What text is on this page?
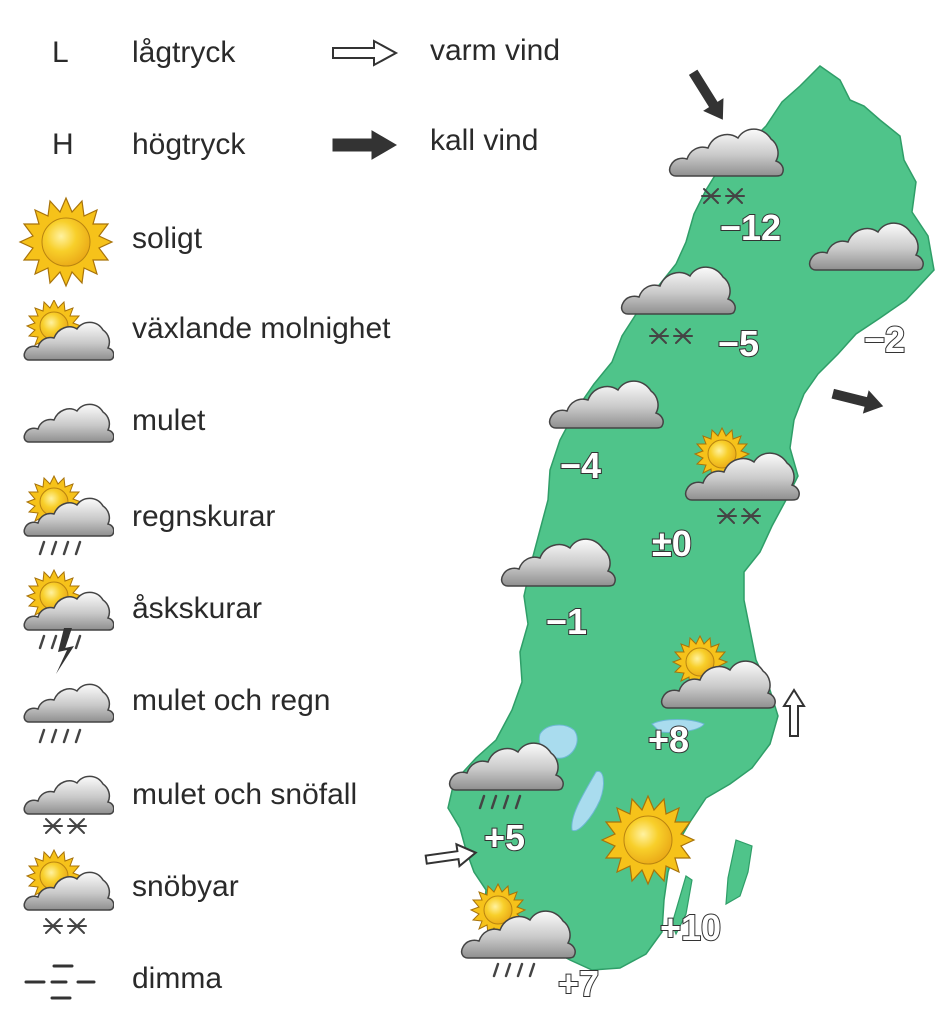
L lågtryck	varm vind
H högtryck	kall vind
soligt
växlande molnighet
mulet
regnskurar
åskskurar
mulet och regn
mulet och snöfall
snöbyar
dimma
−12
−2
−5
−4
±0
−1
+8
+5
+10
+7
